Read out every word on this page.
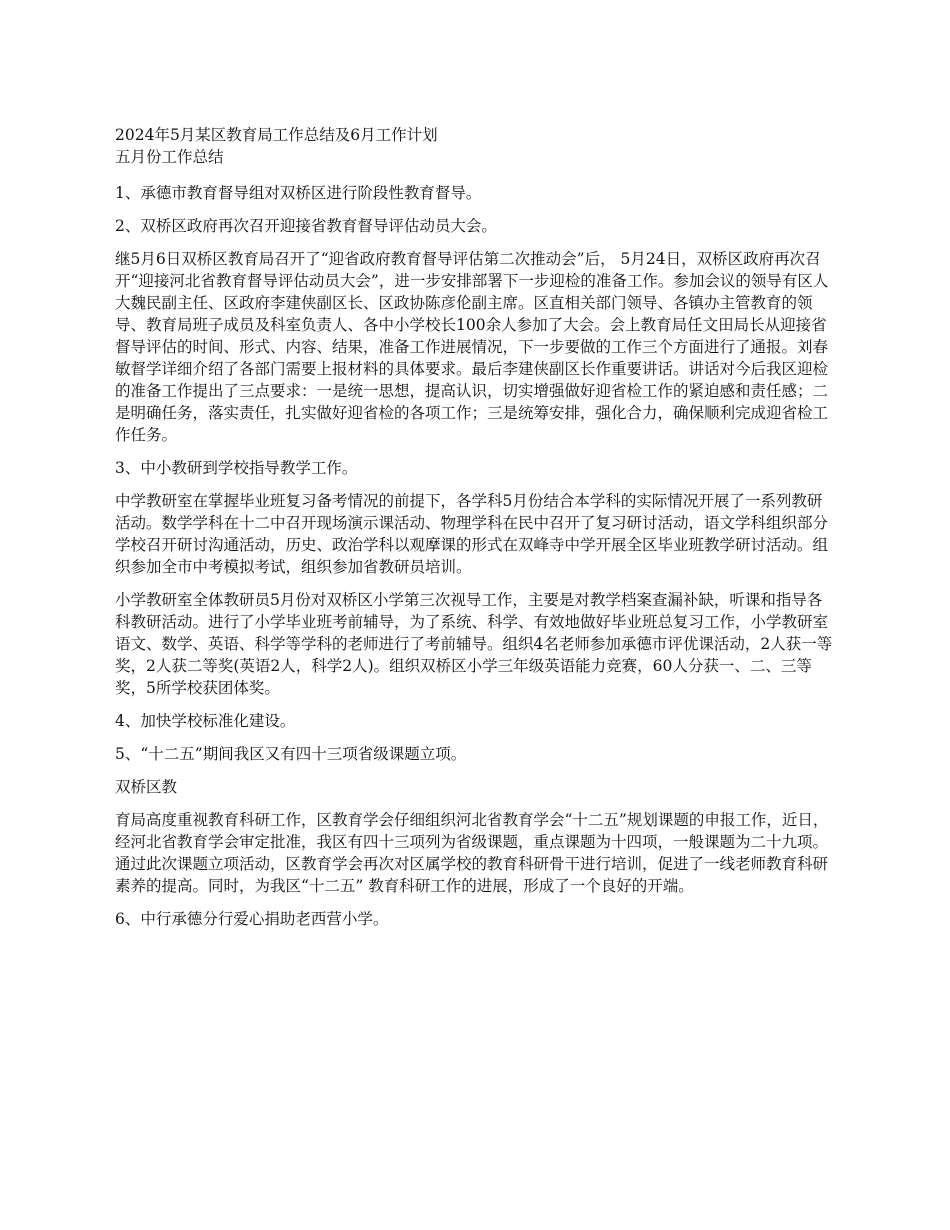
2024年5月某区教育局工作总结及6月工作计划
五月份工作总结

1、承德市教育督导组对双桥区进行阶段性教育督导。

2、双桥区政府再次召开迎接省教育督导评估动员大会。

继5月6日双桥区教育局召开了“迎省政府教育督导评估第二次推动会”后， 5月24日，双桥区政府再次召开“迎接河北省教育督导评估动员大会”，进一步安排部署下一步迎检的准备工作。参加会议的领导有区人大魏民副主任、区政府李建侠副区长、区政协陈彦伦副主席。区直相关部门领导、各镇办主管教育的领导、教育局班子成员及科室负责人、各中小学校长100余人参加了大会。会上教育局任文田局长从迎接省督导评估的时间、形式、内容、结果，准备工作进展情况，下一步要做的工作三个方面进行了通报。刘春敏督学详细介绍了各部门需要上报材料的具体要求。最后李建侠副区长作重要讲话。讲话对今后我区迎检的准备工作提出了三点要求：一是统一思想，提高认识，切实增强做好迎省检工作的紧迫感和责任感；二是明确任务，落实责任，扎实做好迎省检的各项工作；三是统筹安排，强化合力，确保顺利完成迎省检工作任务。

3、中小教研到学校指导教学工作。

中学教研室在掌握毕业班复习备考情况的前提下，各学科5月份结合本学科的实际情况开展了一系列教研活动。数学学科在十二中召开现场演示课活动、物理学科在民中召开了复习研讨活动，语文学科组织部分学校召开研讨沟通活动，历史、政治学科以观摩课的形式在双峰寺中学开展全区毕业班教学研讨活动。组织参加全市中考模拟考试，组织参加省教研员培训。

小学教研室全体教研员5月份对双桥区小学第三次视导工作，主要是对教学档案查漏补缺，听课和指导各科教研活动。进行了小学毕业班考前辅导，为了系统、科学、有效地做好毕业班总复习工作，小学教研室语文、数学、英语、科学等学科的老师进行了考前辅导。组织4名老师参加承德市评优课活动，2人获一等奖，2人获二等奖(英语2人，科学2人)。组织双桥区小学三年级英语能力竞赛，60人分获一、二、三等奖，5所学校获团体奖。

4、加快学校标准化建设。

5、“十二五”期间我区又有四十三项省级课题立项。

双桥区教

育局高度重视教育科研工作，区教育学会仔细组织河北省教育学会“十二五”规划课题的申报工作，近日，经河北省教育学会审定批准，我区有四十三项列为省级课题，重点课题为十四项，一般课题为二十九项。通过此次课题立项活动，区教育学会再次对区属学校的教育科研骨干进行培训，促进了一线老师教育科研素养的提高。同时，为我区“十二五” 教育科研工作的进展，形成了一个良好的开端。

6、中行承德分行爱心捐助老西营小学。
